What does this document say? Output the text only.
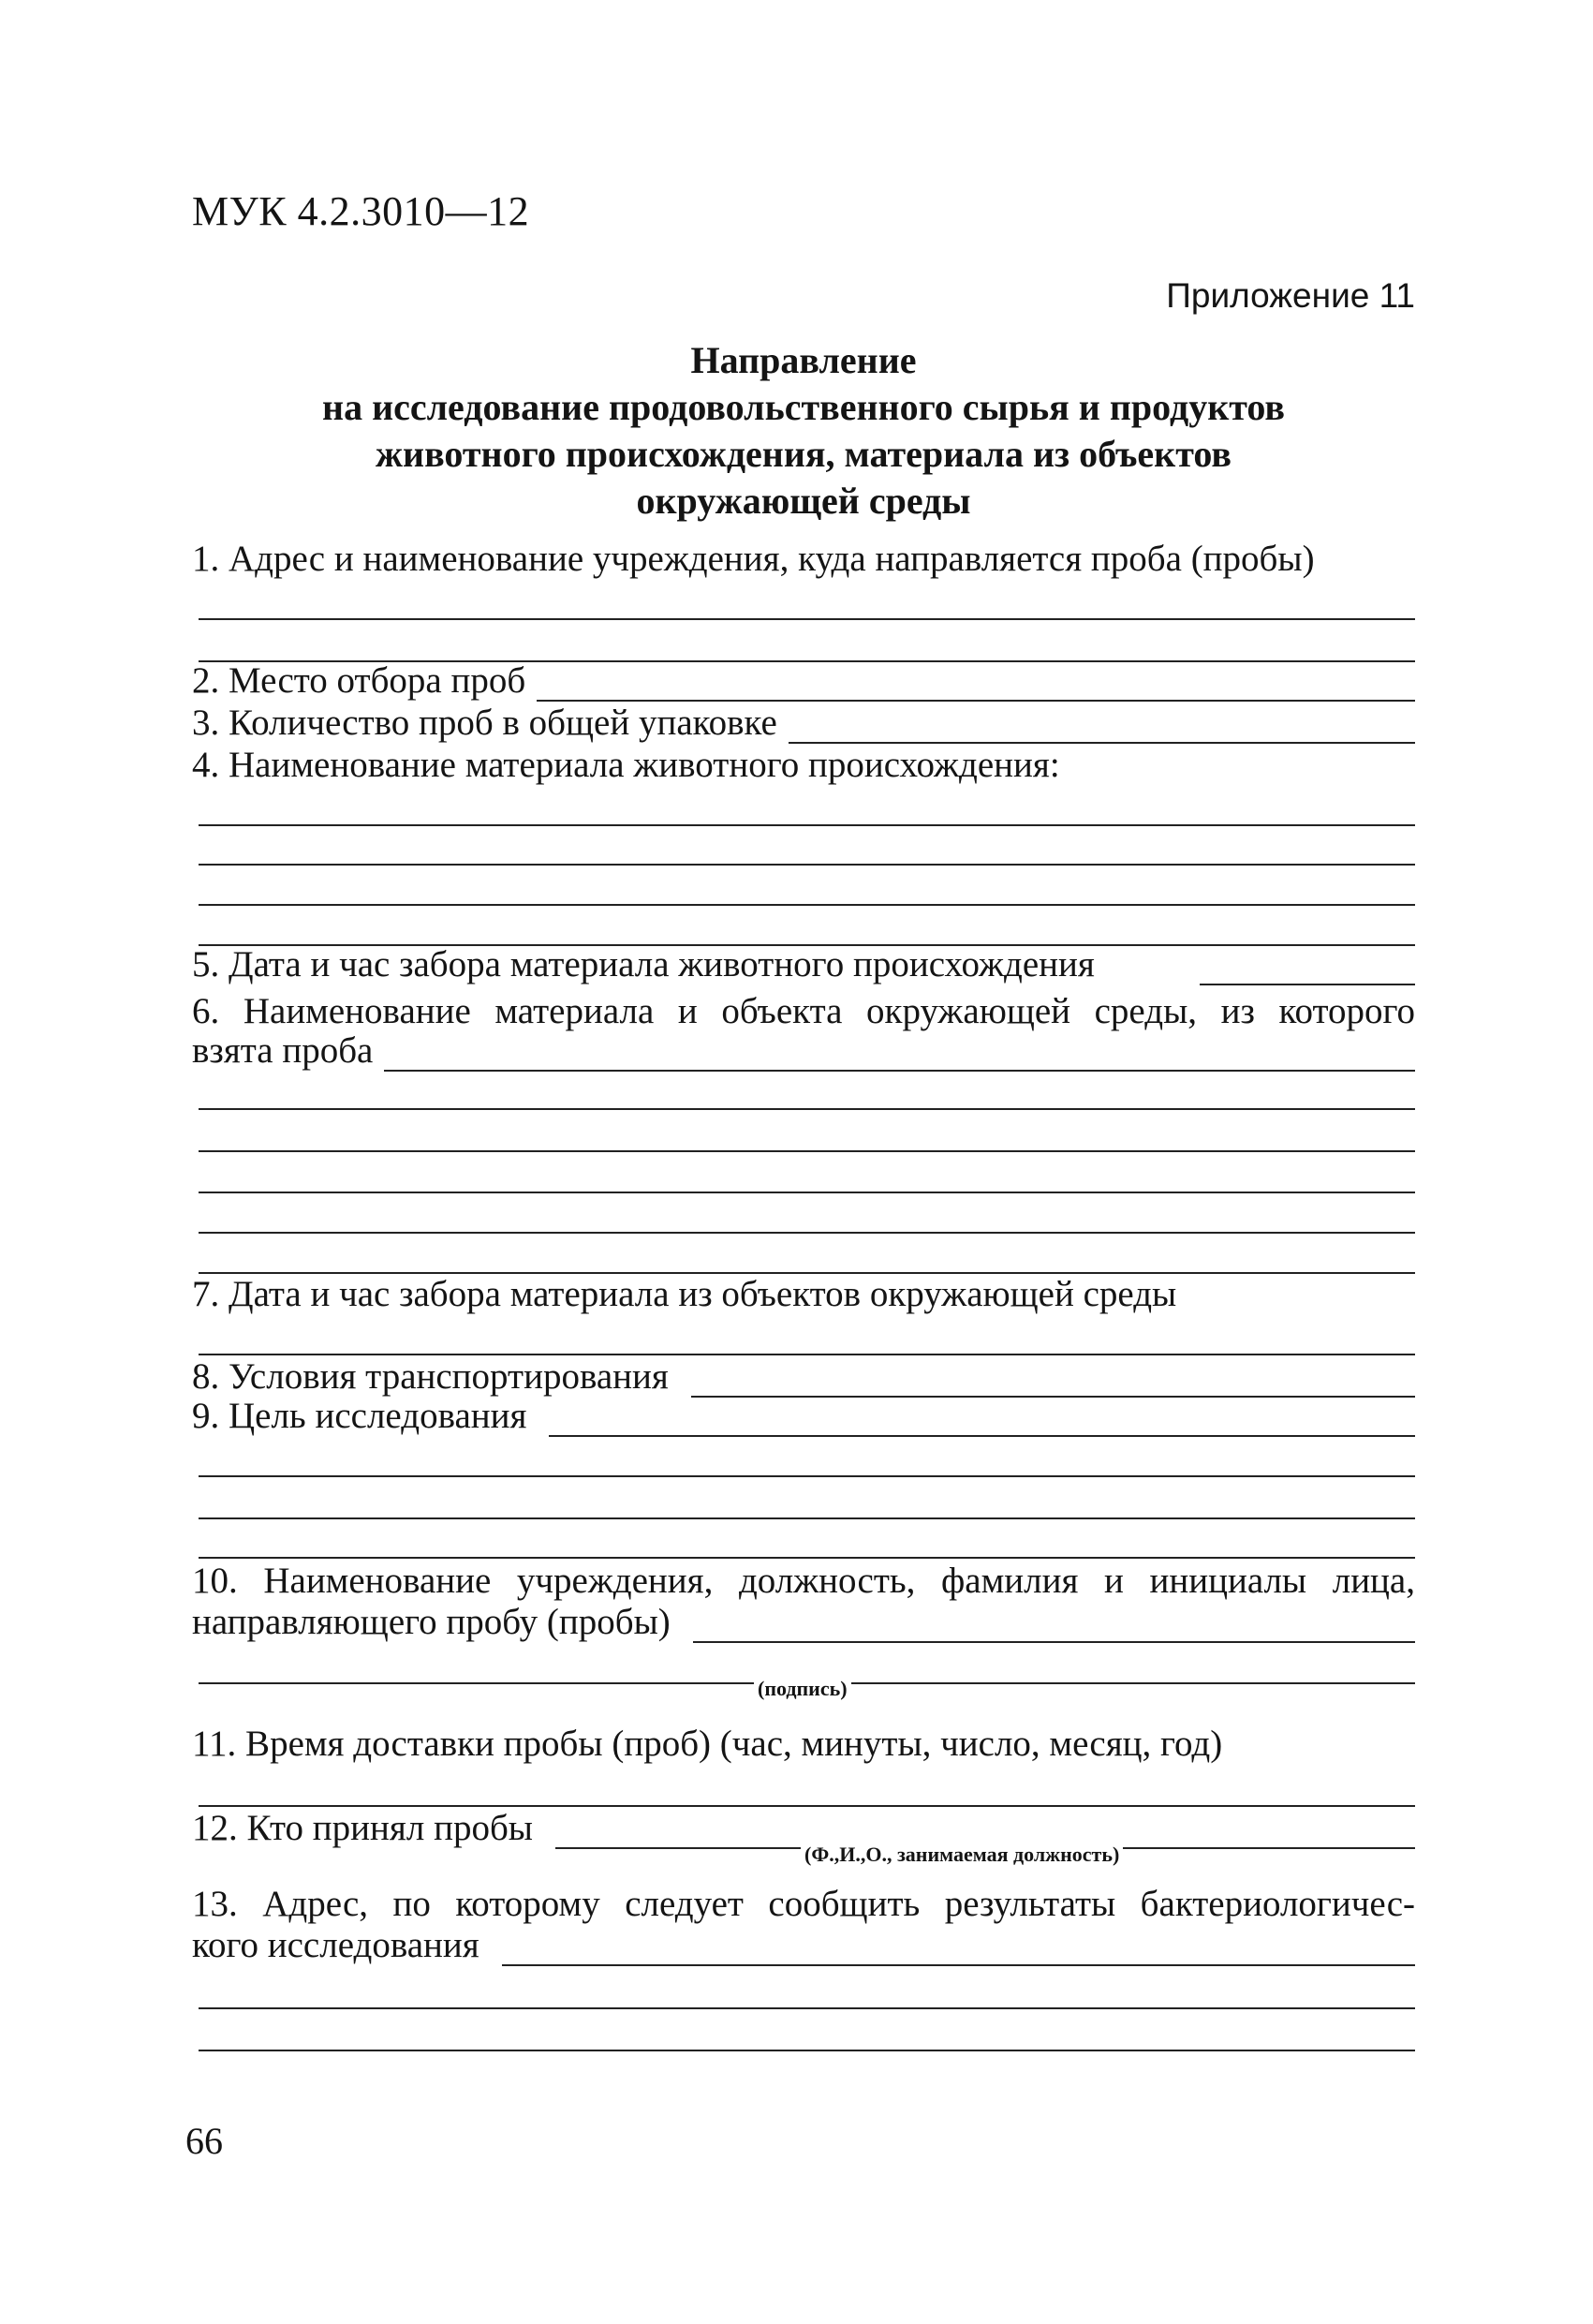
МУК 4.2.3010—12
Приложение 11
Направление
на исследование продовольственного сырья и продуктов
животного происхождения, материала из объектов
окружающей среды
1. Адрес и наименование учреждения, куда направляется проба (пробы)
2. Место отбора проб
3. Количество проб в общей упаковке
4. Наименование материала животного происхождения:
5. Дата и час забора материала животного происхождения
6. Наименование материала и объекта окружающей среды, из которого
взята проба
7. Дата и час забора материала из объектов окружающей среды
8. Условия транспортирования
9. Цель исследования
10. Наименование учреждения, должность, фамилия и инициалы лица,
направляющего пробу (пробы)
(подпись)
11. Время доставки пробы (проб) (час, минуты, число, месяц, год)
12. Кто принял пробы
(Ф.,И.,О., занимаемая должность)
13. Адрес, по которому следует сообщить результаты бактериологичес-
кого исследования
66
